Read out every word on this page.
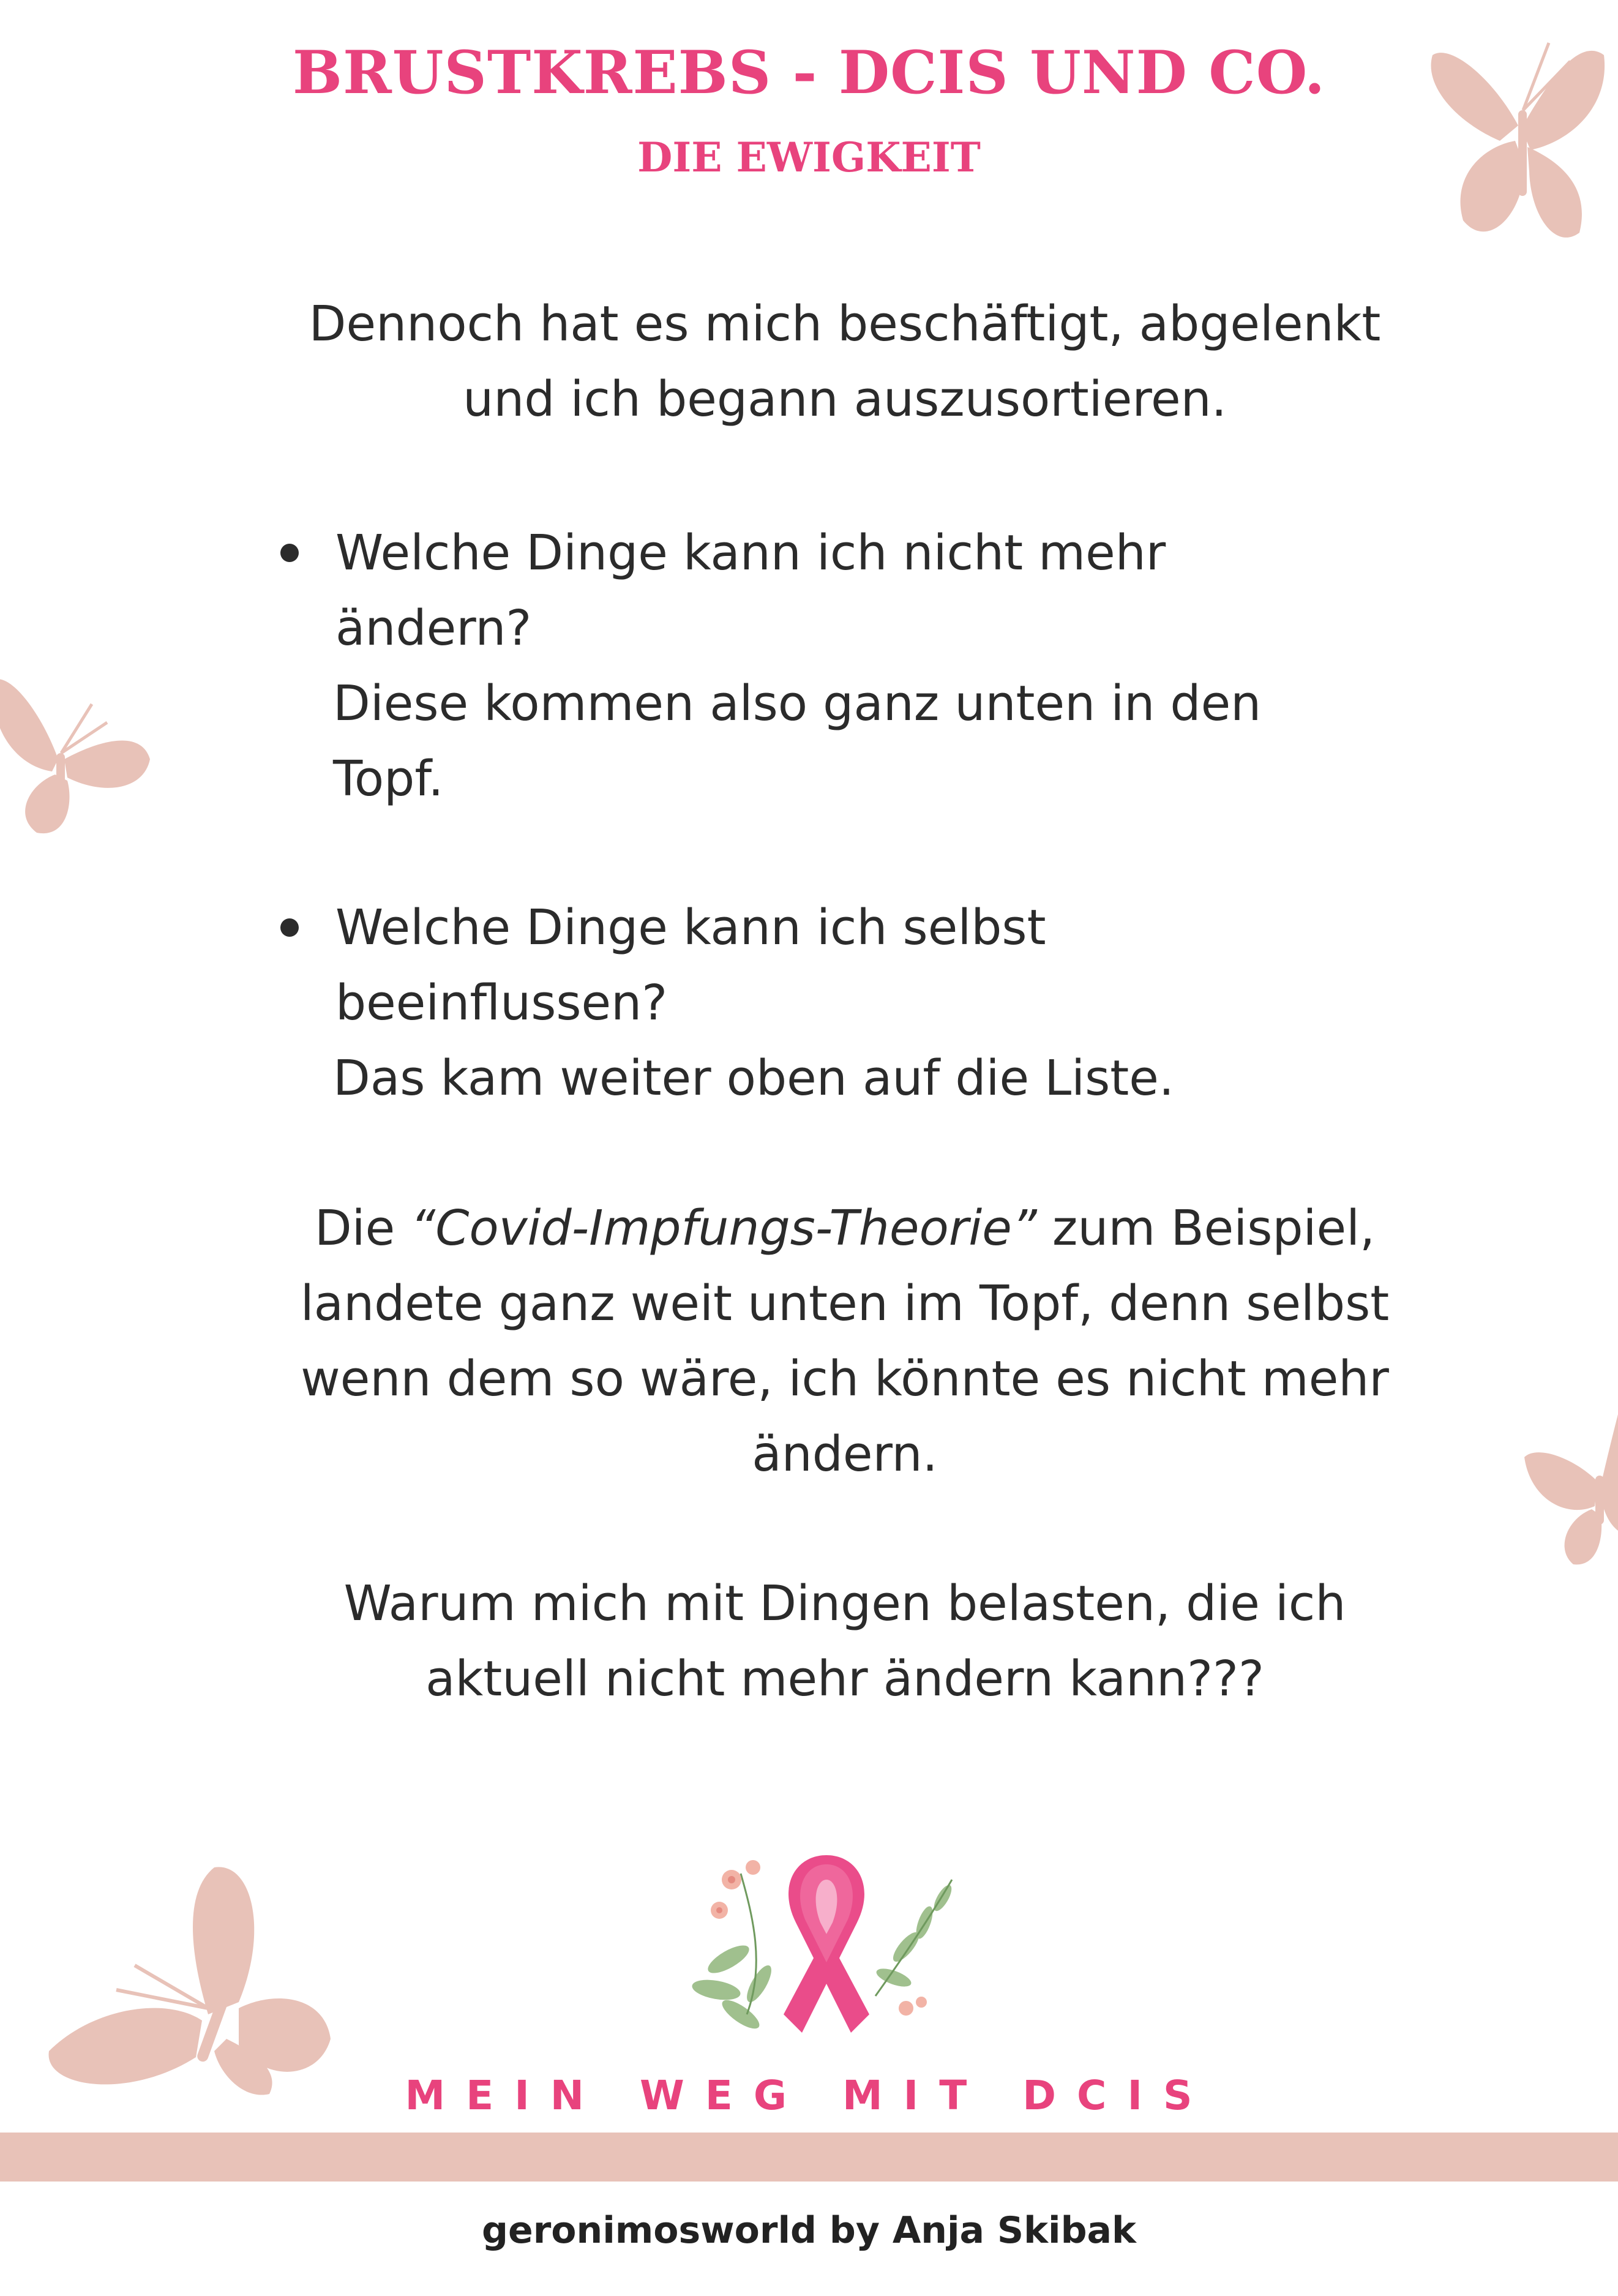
BRUSTKREBS - DCIS UND CO.
DIE EWIGKEIT

Dennoch hat es mich beschäftigt, abgelenkt
und ich begann auszusortieren.

Welche Dinge kann ich nicht mehr

ändern?

Diese kommen also ganz unten in den

Topf.

Welche Dinge kann ich selbst

beeinflussen?

Das kam weiter oben auf die Liste.

Die “Covid-Impfungs-Theorie” zum Beispiel,
landete ganz weit unten im Topf, denn selbst
wenn dem so wäre, ich könnte es nicht mehr
ändern.

Warum mich mit Dingen belasten, die ich
aktuell nicht mehr ändern kann???

MEIN WEG MIT DCIS
geronimosworld by Anja Skibak
